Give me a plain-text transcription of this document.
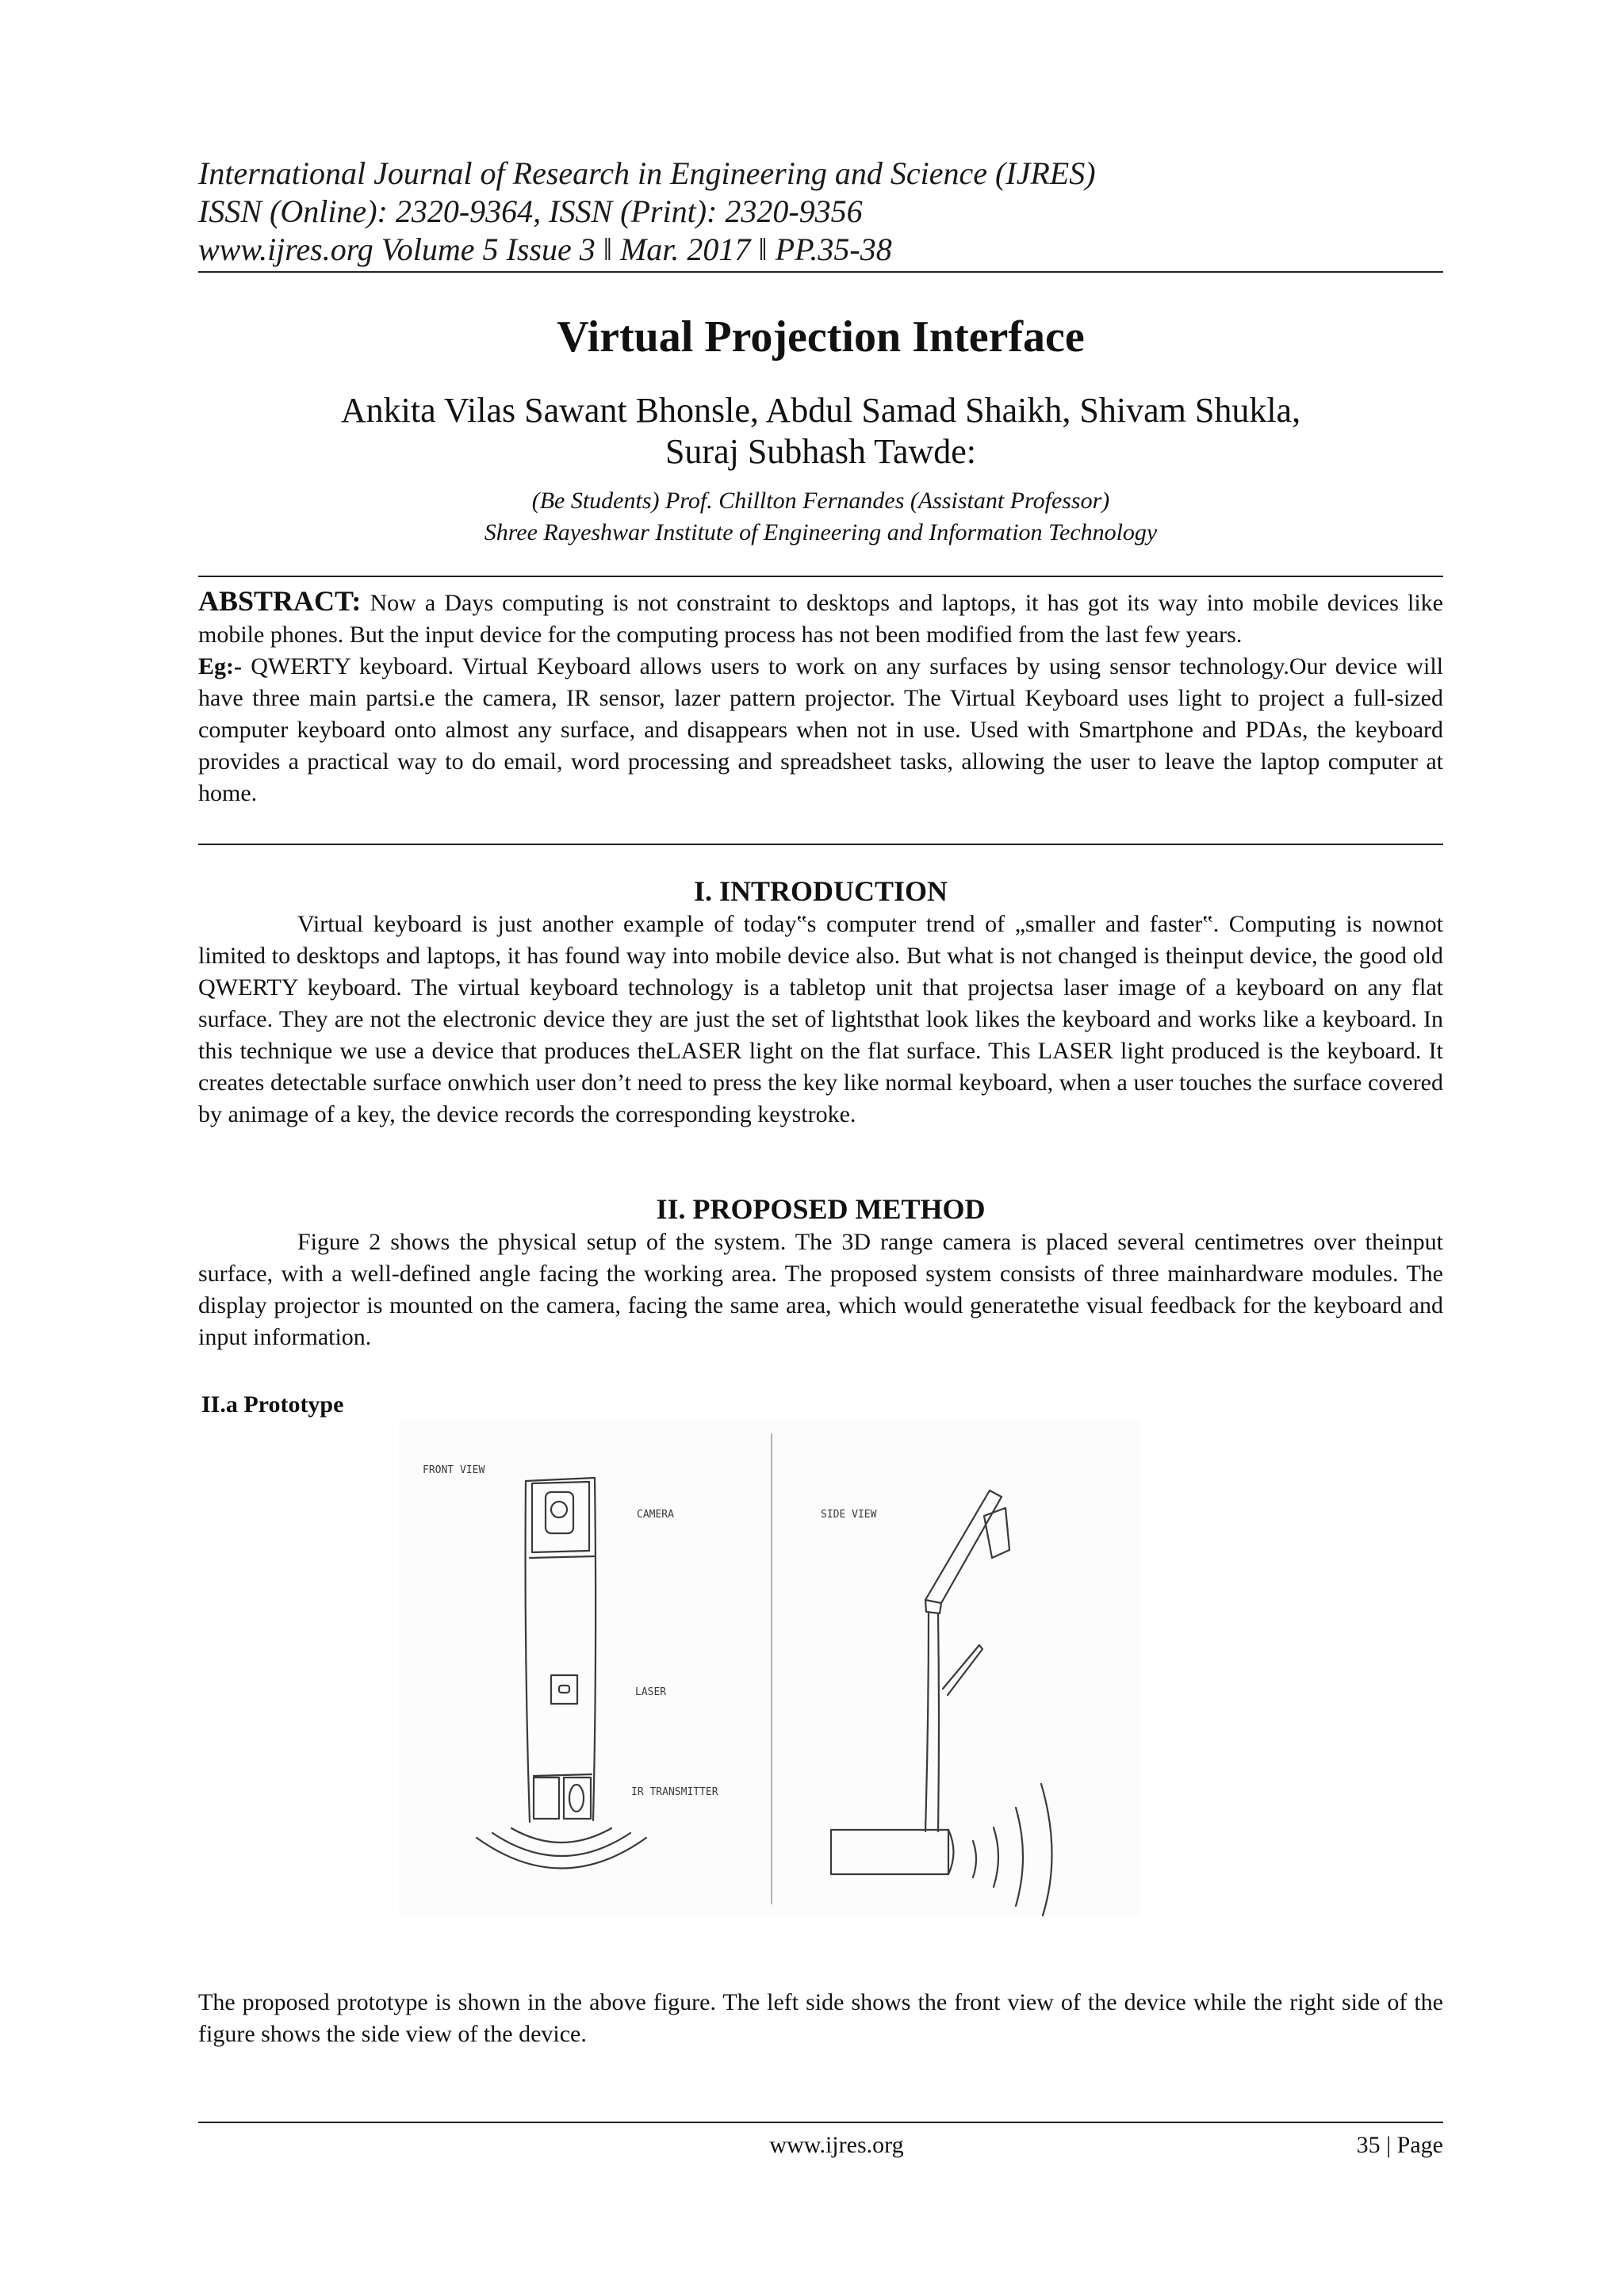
International Journal of Research in Engineering and Science (IJRES)
ISSN (Online): 2320-9364, ISSN (Print): 2320-9356
www.ijres.org Volume 5 Issue 3 ǁ Mar. 2017 ǁ PP.35-38
Virtual Projection Interface
Ankita Vilas Sawant Bhonsle, Abdul Samad Shaikh, Shivam Shukla,
Suraj Subhash Tawde:
(Be Students) Prof. Chillton Fernandes (Assistant Professor)
Shree Rayeshwar Institute of Engineering and Information Technology

ABSTRACT: Now a Days computing is not constraint to desktops and laptops, it has got its way into mobile devices like mobile phones. But the input device for the computing process has not been modified from the last few years.

Eg:- QWERTY keyboard. Virtual Keyboard allows users to work on any surfaces by using sensor technology.Our device will have three main partsi.e the camera, IR sensor, lazer pattern projector. The Virtual Keyboard uses light to project a full-sized computer keyboard onto almost any surface, and disappears when not in use. Used with Smartphone and PDAs, the keyboard provides a practical way to do email, word processing and spreadsheet tasks, allowing the user to leave the laptop computer at home.

I. INTRODUCTION

Virtual keyboard is just another example of today‟s computer trend of „smaller and faster‟. Computing is nownot limited to desktops and laptops, it has found way into mobile device also. But what is not changed is theinput device, the good old QWERTY keyboard. The virtual keyboard technology is a tabletop unit that projectsa laser image of a keyboard on any flat surface. They are not the electronic device they are just the set of lightsthat look likes the keyboard and works like a keyboard. In this technique we use a device that produces theLASER light on the flat surface. This LASER light produced is the keyboard. It creates detectable surface onwhich user don’t need to press the key like normal keyboard, when a user touches the surface covered by animage of a key, the device records the corresponding keystroke.

II. PROPOSED METHOD

Figure 2 shows the physical setup of the system. The 3D range camera is placed several centimetres over theinput surface, with a well-defined angle facing the working area. The proposed system consists of three mainhardware modules. The display projector is mounted on the camera, facing the same area, which would generatethe visual feedback for the keyboard and input information.

II.a Prototype
FRONT VIEW
CAMERA
LASER
IR TRANSMITTER
SIDE VIEW

The proposed prototype is shown in the above figure. The left side shows the front view of the device while the right side of the figure shows the side view of the device.

www.ijres.org	35 | Page
